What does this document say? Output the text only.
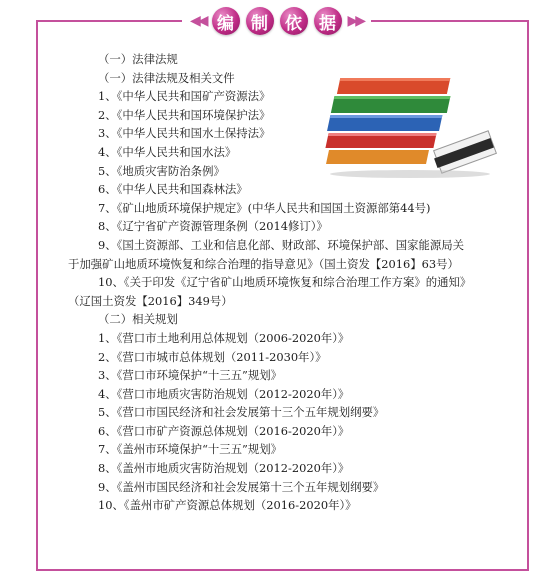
◀◀ 编	制	依	据 ▶▶
（一）法律法规
（一）法律法规及相关文件
1、《中华人民共和国矿产资源法》
2、《中华人民共和国环境保护法》
3、《中华人民共和国水土保持法》
4、《中华人民共和国水法》
5、《地质灾害防治条例》
6、《中华人民共和国森林法》
7、《矿山地质环境保护规定》(中华人民共和国国土资源部第44号)
8、《辽宁省矿产资源管理条例（2014修订）》
9、《国土资源部、工业和信息化部、财政部、环境保护部、国家能源局关于加强矿山地质环境恢复和综合治理的指导意见》（国土资发【2016】63号）
10、《关于印发《辽宁省矿山地质环境恢复和综合治理工作方案》的通知》（辽国土资发【2016】349号）
（二）相关规划
1、《营口市土地利用总体规划（2006-2020年）》
2、《营口市城市总体规划（2011-2030年）》
3、《营口市环境保护“十三五”规划》
4、《营口市地质灾害防治规划（2012-2020年）》
5、《营口市国民经济和社会发展第十三个五年规划纲要》
6、《营口市矿产资源总体规划（2016-2020年）》
7、《盖州市环境保护“十三五”规划》
8、《盖州市地质灾害防治规划（2012-2020年）》
9、《盖州市国民经济和社会发展第十三个五年规划纲要》
10、《盖州市矿产资源总体规划（2016-2020年）》
